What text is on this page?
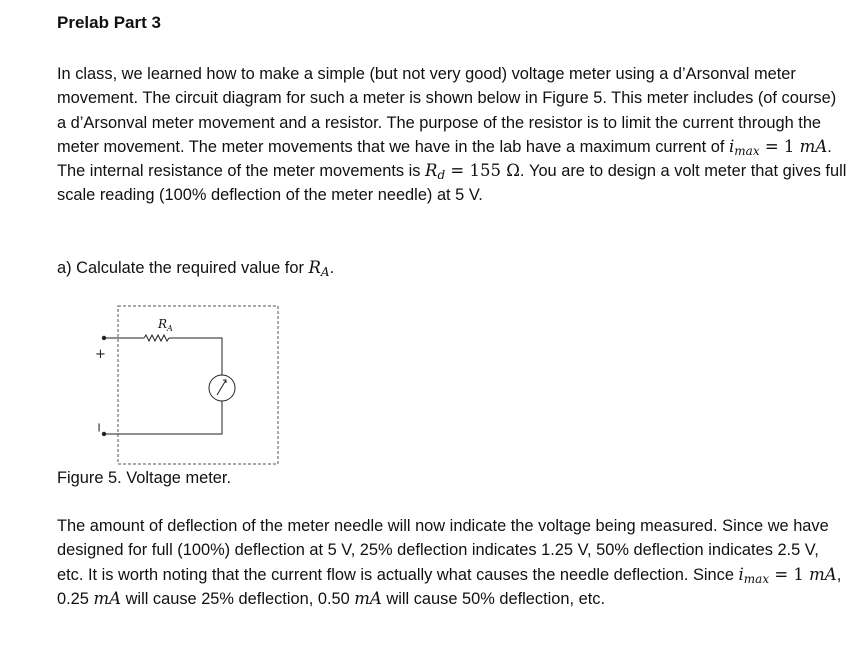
Prelab Part 3

In class, we learned how to make a simple (but not very good) voltage meter using a d’Arsonval meter movement. The circuit diagram for such a meter is shown below in Figure 5. This meter includes (of course) a d’Arsonval meter movement and a resistor. The purpose of the resistor is to limit the current through the meter movement. The meter movements that we have in the lab have a maximum current of $i_{max} = 1$ mA. The internal resistance of the meter movements is $R_d = 155$ Ω. You are to design a volt meter that gives full scale reading (100% deflection of the meter needle) at 5 V.

a) Calculate the required value for $R_A$.

$R_A$
+
−

Figure 5. Voltage meter.

The amount of deflection of the meter needle will now indicate the voltage being measured. Since we have designed for full (100%) deflection at 5 V, 25% deflection indicates 1.25 V, 50% deflection indicates 2.5 V, etc. It is worth noting that the current flow is actually what causes the needle deflection. Since $i_{max} = 1$ mA, 0.25 mA will cause 25% deflection, 0.50 mA will cause 50% deflection, etc.
